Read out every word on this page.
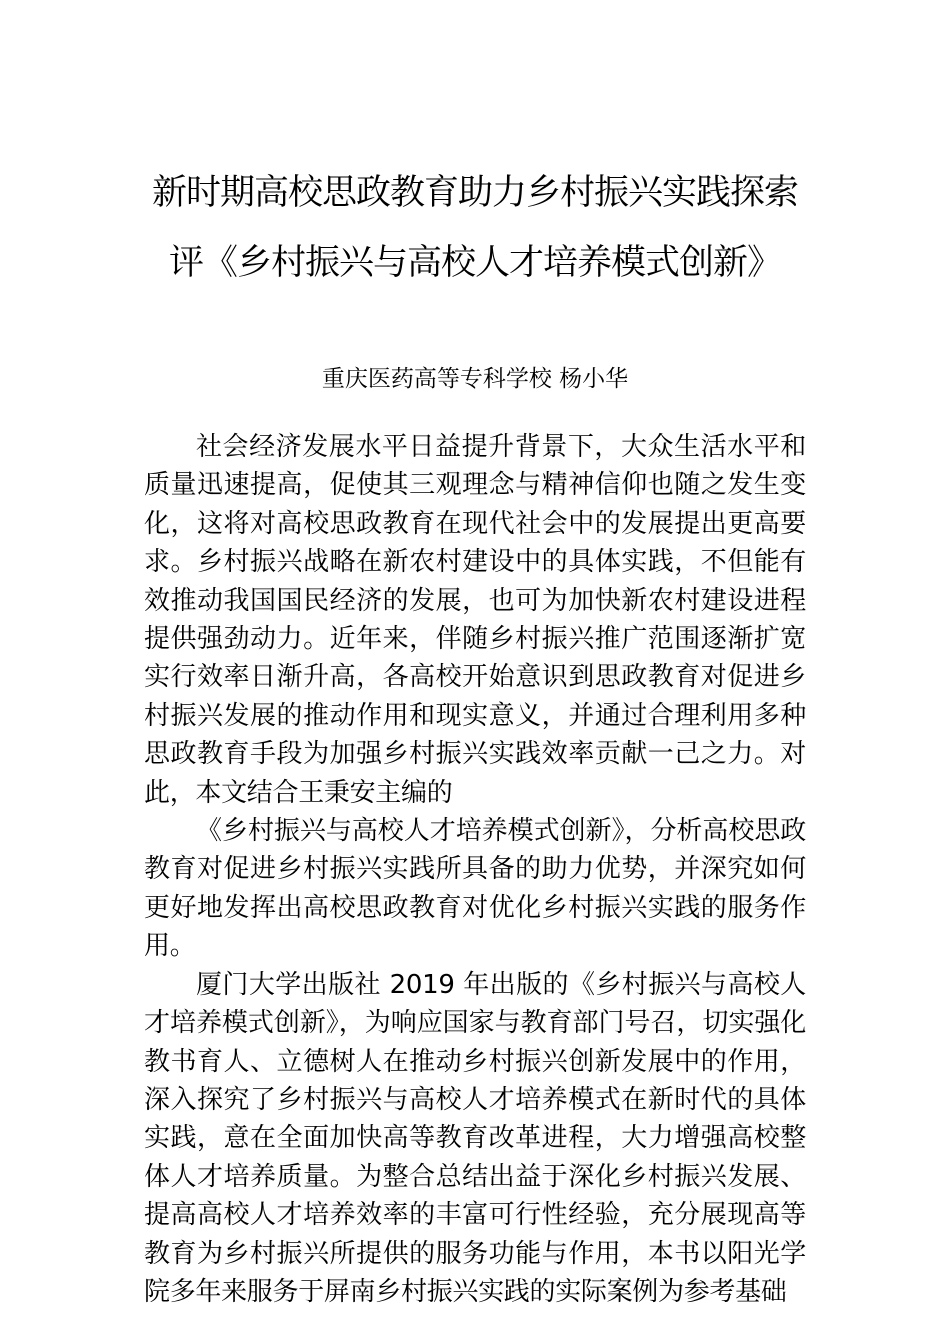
新时期高校思政教育助力乡村振兴实践探索评《乡村振兴与高校人才培养模式创新》
重庆医药高等专科学校 杨小华

社会经济发展水平日益提升背景下，大众生活水平和质量迅速提高，促使其三观理念与精神信仰也随之发生变化，这将对高校思政教育在现代社会中的发展提出更高要求。乡村振兴战略在新农村建设中的具体实践，不但能有效推动我国国民经济的发展，也可为加快新农村建设进程提供强劲动力。近年来，伴随乡村振兴推广范围逐渐扩宽实行效率日渐升高，各高校开始意识到思政教育对促进乡村振兴发展的推动作用和现实意义，并通过合理利用多种思政教育手段为加强乡村振兴实践效率贡献一己之力。对此，本文结合王秉安主编的

《乡村振兴与高校人才培养模式创新》，分析高校思政教育对促进乡村振兴实践所具备的助力优势，并深究如何更好地发挥出高校思政教育对优化乡村振兴实践的服务作用。

厦门大学出版社 2019 年出版的《乡村振兴与高校人才培养模式创新》，为响应国家与教育部门号召，切实强化教书育人、立德树人在推动乡村振兴创新发展中的作用，深入探究了乡村振兴与高校人才培养模式在新时代的具体实践，意在全面加快高等教育改革进程，大力增强高校整体人才培养质量。为整合总结出益于深化乡村振兴发展、提高高校人才培养效率的丰富可行性经验，充分展现高等教育为乡村振兴所提供的服务功能与作用，本书以阳光学院多年来服务于屏南乡村振兴实践的实际案例为参考基础
